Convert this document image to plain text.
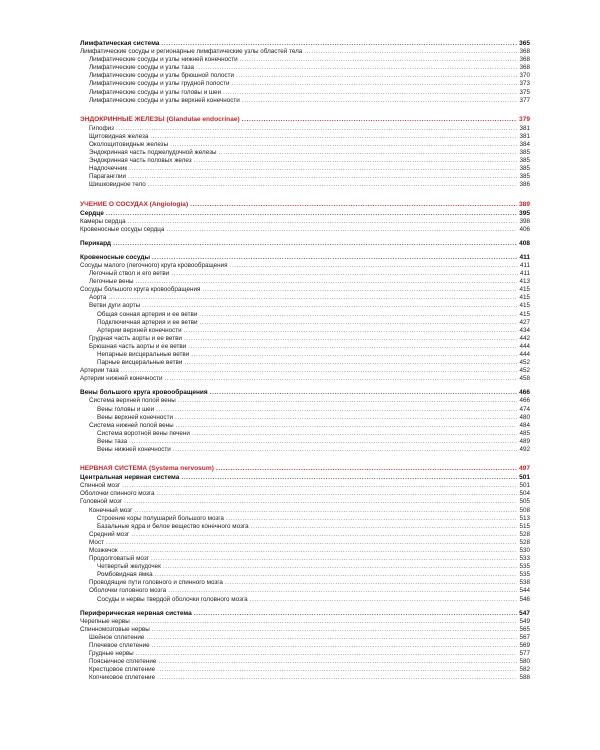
Лимфатическая система .....	365
Лимфатические сосуды и регионарные лимфатические узлы областей тела .....	368
Лимфатические сосуды и узлы нижней конечности .....	368
Лимфатические сосуды и узлы таза .....	368
Лимфатические сосуды и узлы брюшной полости .....	370
Лимфатические сосуды и узлы грудной полости .....	373
Лимфатические сосуды и узлы головы и шеи .....	375
Лимфатические сосуды и узлы верхней конечности .....	377
ЭНДОКРИННЫЕ ЖЕЛЕЗЫ (Glandulae endocrinae) .....	379
Гипофиз .....	381
Щитовидная железа .....	381
Околощитовидные железы .....	384
Эндокринная часть поджелудочной железы .....	385
Эндокринная часть половых желез .....	385
Надпочечник .....	385
Параганглии .....	385
Шишковидное тело .....	386
УЧЕНИЕ О СОСУДАХ (Angiologia) .....	389
Сердце .....	395
Камеры сердца .....	398
Кровеносные сосуды сердца .....	406
Перикард .....	408
Кровеносные сосуды .....	411
Сосуды малого (легочного) круга кровообращения .....	411
Легочный ствол и его ветви .....	411
Легочные вены .....	413
Сосуды большого круга кровообращения .....	415
Аорта .....	415
Ветви дуги аорты .....	415
Общая сонная артерия и ее ветви .....	415
Подключичная артерия и ее ветви .....	427
Артерии верхней конечности .....	434
Грудная часть аорты и ее ветви .....	442
Брюшная часть аорты и ее ветви .....	444
Непарные висцеральные ветви .....	444
Парные висцеральные ветви .....	452
Артерии таза .....	452
Артерии нижней конечности .....	458
Вены большого круга кровообращения .....	466
Система верхней полой вены .....	466
Вены головы и шеи .....	474
Вены верхней конечности .....	480
Система нижней полой вены .....	484
Система воротной вены печени .....	485
Вены таза .....	489
Вены нижней конечности .....	492
НЕРВНАЯ СИСТЕМА (Systema nervosum) .....	497
Центральная нервная система .....	501
Спинной мозг .....	501
Оболочки спинного мозга .....	504
Головной мозг .....	505
Конечный мозг .....	508
Строение коры полушарий большого мозга .....	513
Базальные ядра и белое вещество конечного мозга .....	515
Средний мозг .....	528
Мост .....	528
Мозжечок .....	530
Продолговатый мозг .....	533
Четвертый желудочек .....	535
Ромбовидная ямка .....	535
Проводящие пути головного и спинного мозга .....	538
Оболочки головного мозга .....	544
Сосуды и нервы твердой оболочки головного мозга .....	546
Периферическая нервная система .....	547
Черепные нервы .....	549
Спинномозговые нервы .....	565
Шейное сплетение .....	567
Плечевое сплетение .....	569
Грудные нервы .....	577
Поясничное сплетение .....	580
Крестцовое сплетение .....	582
Копчиковое сплетение .....	588
